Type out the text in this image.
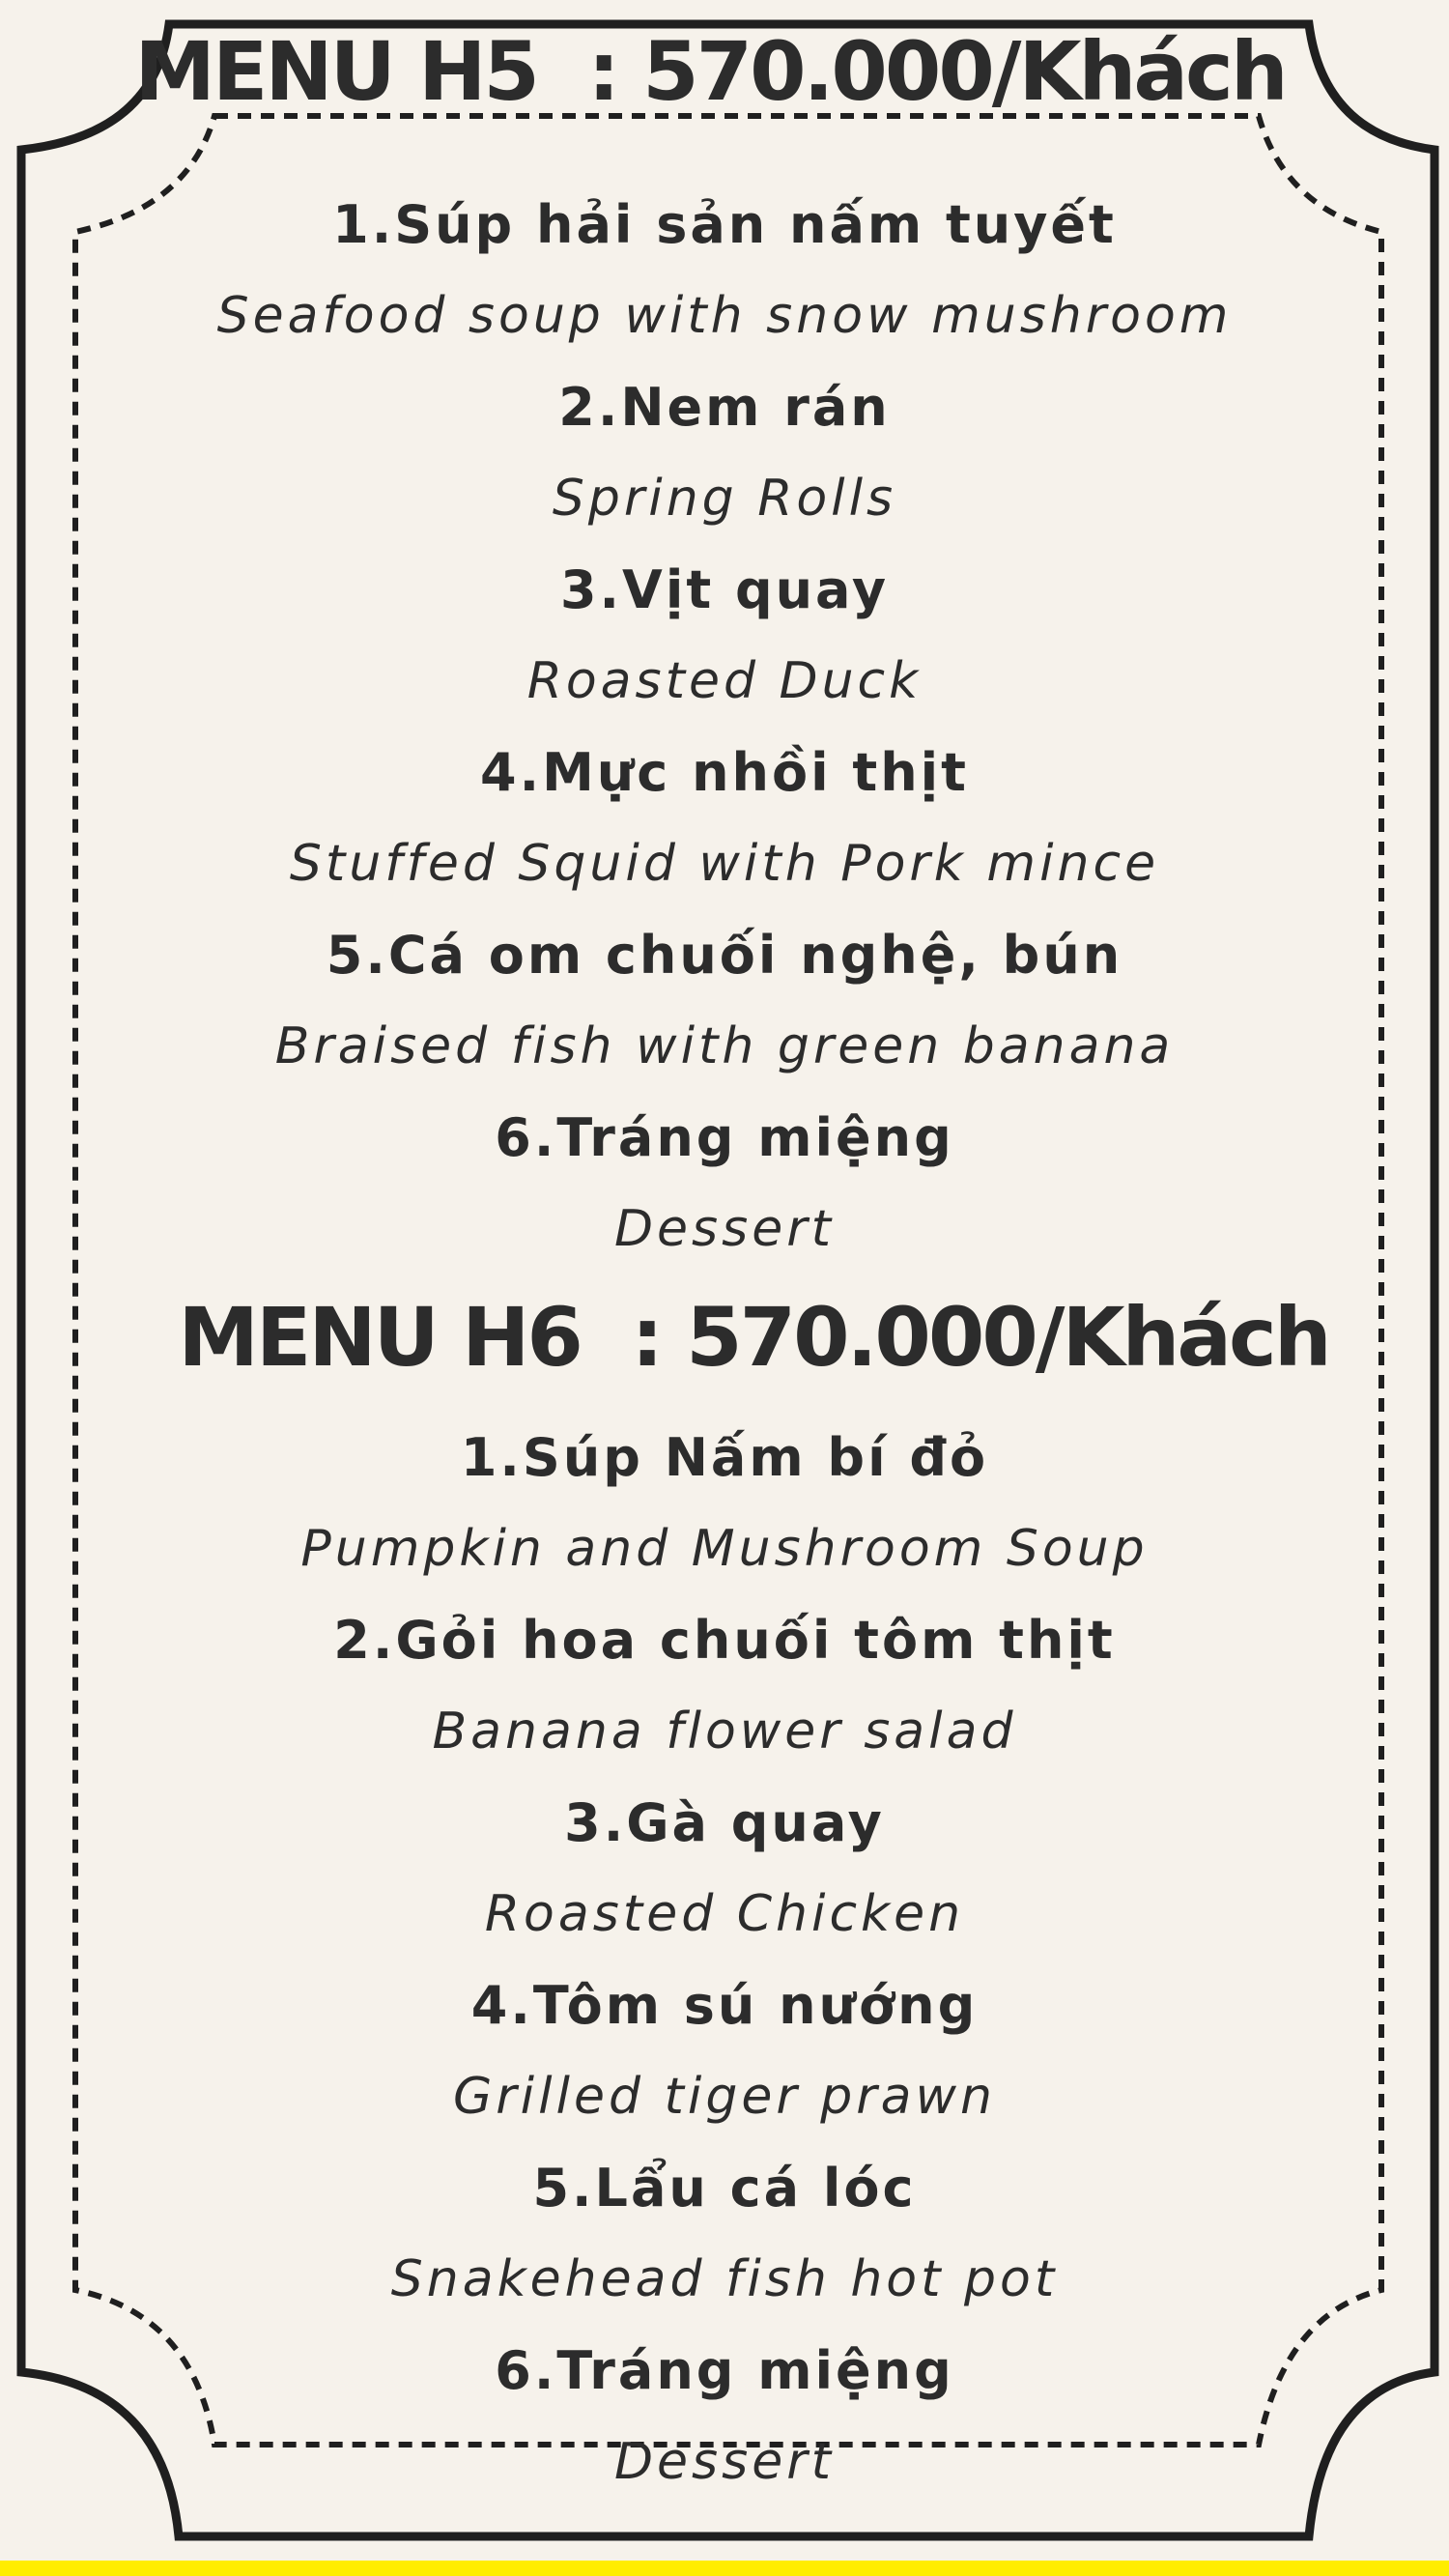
MENU H5  : 570.000/Khách
1.Súp hải sản nấm tuyết
Seafood soup with snow mushroom
2.Nem rán
Spring Rolls
3.Vịt quay
Roasted Duck
4.Mực nhồi thịt
Stuffed Squid with Pork mince
5.Cá om chuối nghệ, bún
Braised fish with green banana
6.Tráng miệng
Dessert
MENU H6  : 570.000/Khách
1.Súp Nấm bí đỏ
Pumpkin and Mushroom Soup
2.Gỏi hoa chuối tôm thịt
Banana flower salad
3.Gà quay
Roasted Chicken
4.Tôm sú nướng
Grilled tiger prawn
5.Lẩu cá lóc
Snakehead fish hot pot
6.Tráng miệng
Dessert
